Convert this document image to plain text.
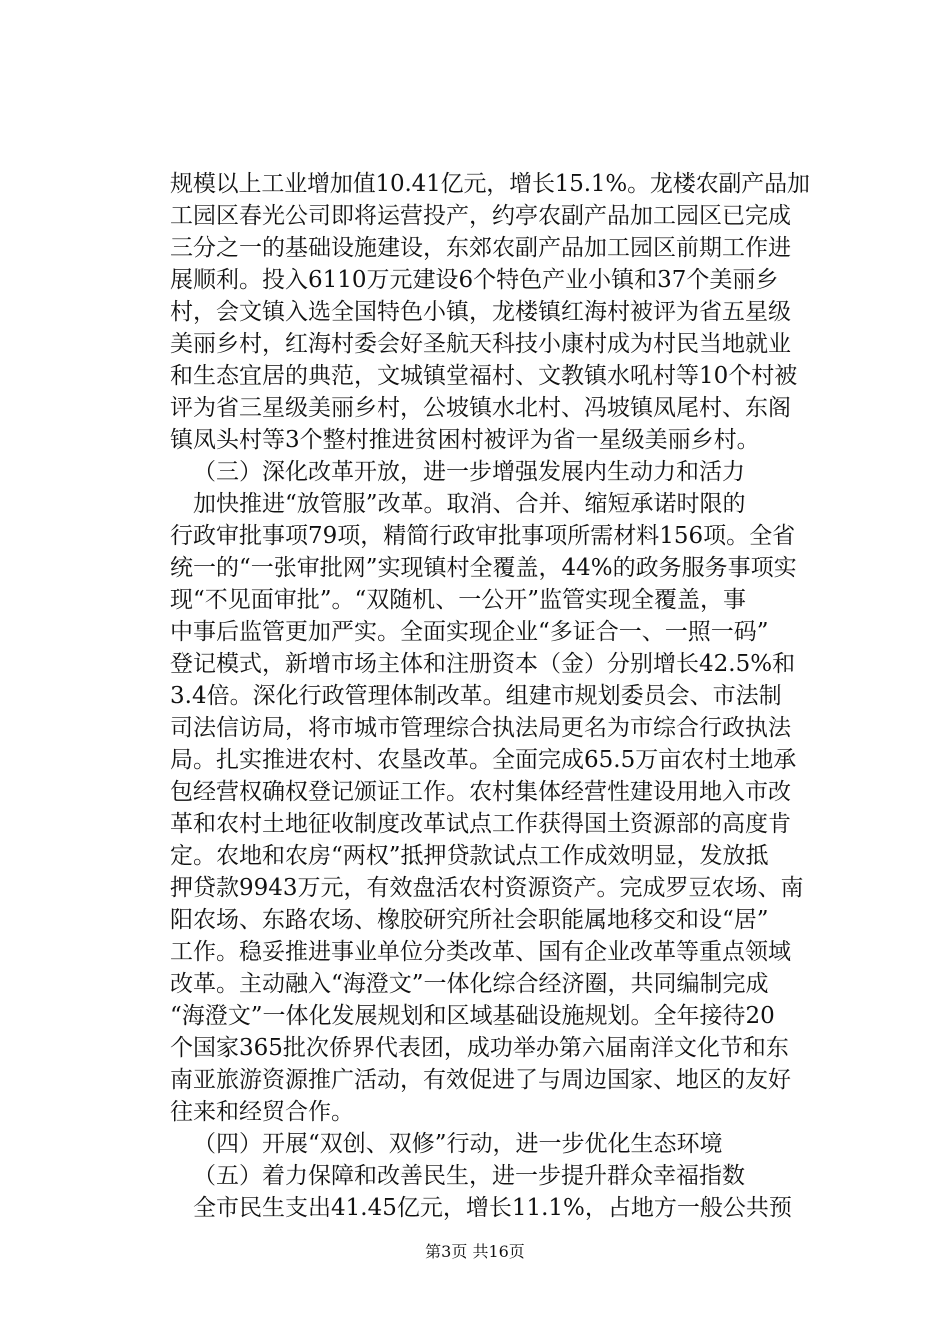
规模以上工业增加值10.41亿元，增长15.1%。龙楼农副产品加
工园区春光公司即将运营投产，约亭农副产品加工园区已完成
三分之一的基础设施建设，东郊农副产品加工园区前期工作进
展顺利。投入6110万元建设6个特色产业小镇和37个美丽乡
村，会文镇入选全国特色小镇，龙楼镇红海村被评为省五星级
美丽乡村，红海村委会好圣航天科技小康村成为村民当地就业
和生态宜居的典范，文城镇堂福村、文教镇水吼村等10个村被
评为省三星级美丽乡村，公坡镇水北村、冯坡镇凤尾村、东阁
镇凤头村等3个整村推进贫困村被评为省一星级美丽乡村。
（三）深化改革开放，进一步增强发展内生动力和活力
加快推进“放管服”改革。取消、合并、缩短承诺时限的
行政审批事项79项，精简行政审批事项所需材料156项。全省
统一的“一张审批网”实现镇村全覆盖，44%的政务服务事项实
现“不见面审批”。“双随机、一公开”监管实现全覆盖，事
中事后监管更加严实。全面实现企业“多证合一、一照一码”
登记模式，新增市场主体和注册资本（金）分别增长42.5%和
3.4倍。深化行政管理体制改革。组建市规划委员会、市法制
司法信访局，将市城市管理综合执法局更名为市综合行政执法
局。扎实推进农村、农垦改革。全面完成65.5万亩农村土地承
包经营权确权登记颁证工作。农村集体经营性建设用地入市改
革和农村土地征收制度改革试点工作获得国土资源部的高度肯
定。农地和农房“两权”抵押贷款试点工作成效明显，发放抵
押贷款9943万元，有效盘活农村资源资产。完成罗豆农场、南
阳农场、东路农场、橡胶研究所社会职能属地移交和设“居”
工作。稳妥推进事业单位分类改革、国有企业改革等重点领域
改革。主动融入“海澄文”一体化综合经济圈，共同编制完成
“海澄文”一体化发展规划和区域基础设施规划。全年接待20
个国家365批次侨界代表团，成功举办第六届南洋文化节和东
南亚旅游资源推广活动，有效促进了与周边国家、地区的友好
往来和经贸合作。
（四）开展“双创、双修”行动，进一步优化生态环境
（五）着力保障和改善民生，进一步提升群众幸福指数
全市民生支出41.45亿元，增长11.1%，占地方一般公共预
第3页 共16页
